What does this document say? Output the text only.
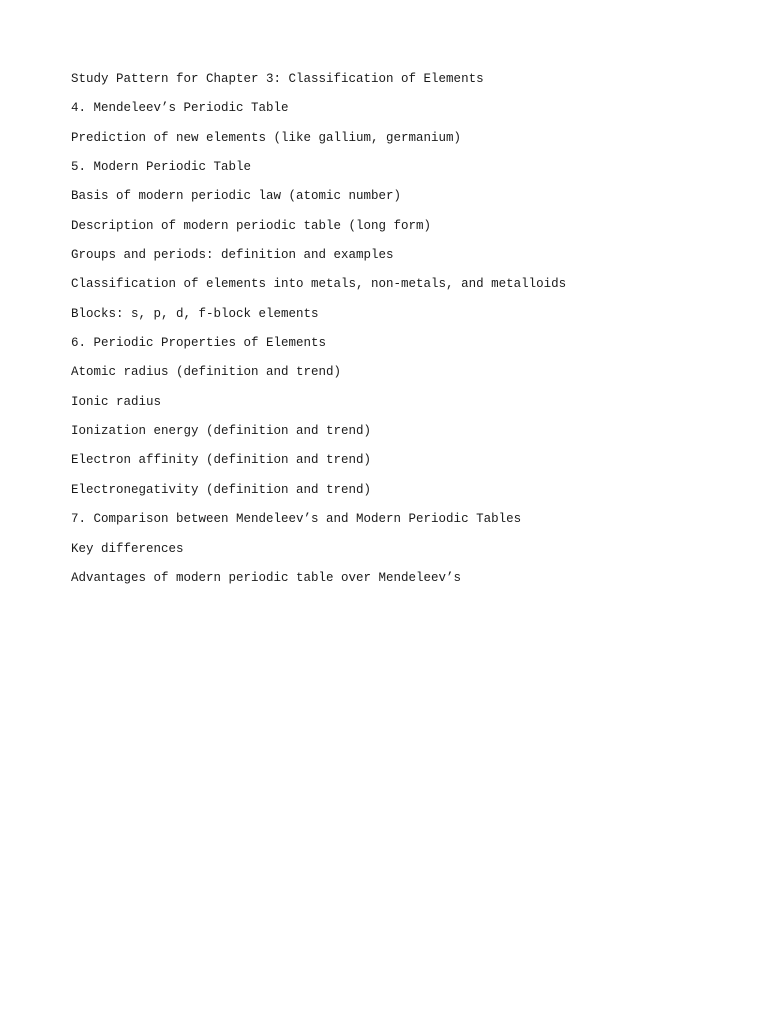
Study Pattern for Chapter 3: Classification of Elements
4. Mendeleev’s Periodic Table
Prediction of new elements (like gallium, germanium)
5. Modern Periodic Table
Basis of modern periodic law (atomic number)
Description of modern periodic table (long form)
Groups and periods: definition and examples
Classification of elements into metals, non-metals, and metalloids
Blocks: s, p, d, f-block elements
6. Periodic Properties of Elements
Atomic radius (definition and trend)
Ionic radius
Ionization energy (definition and trend)
Electron affinity (definition and trend)
Electronegativity (definition and trend)
7. Comparison between Mendeleev’s and Modern Periodic Tables
Key differences
Advantages of modern periodic table over Mendeleev’s
